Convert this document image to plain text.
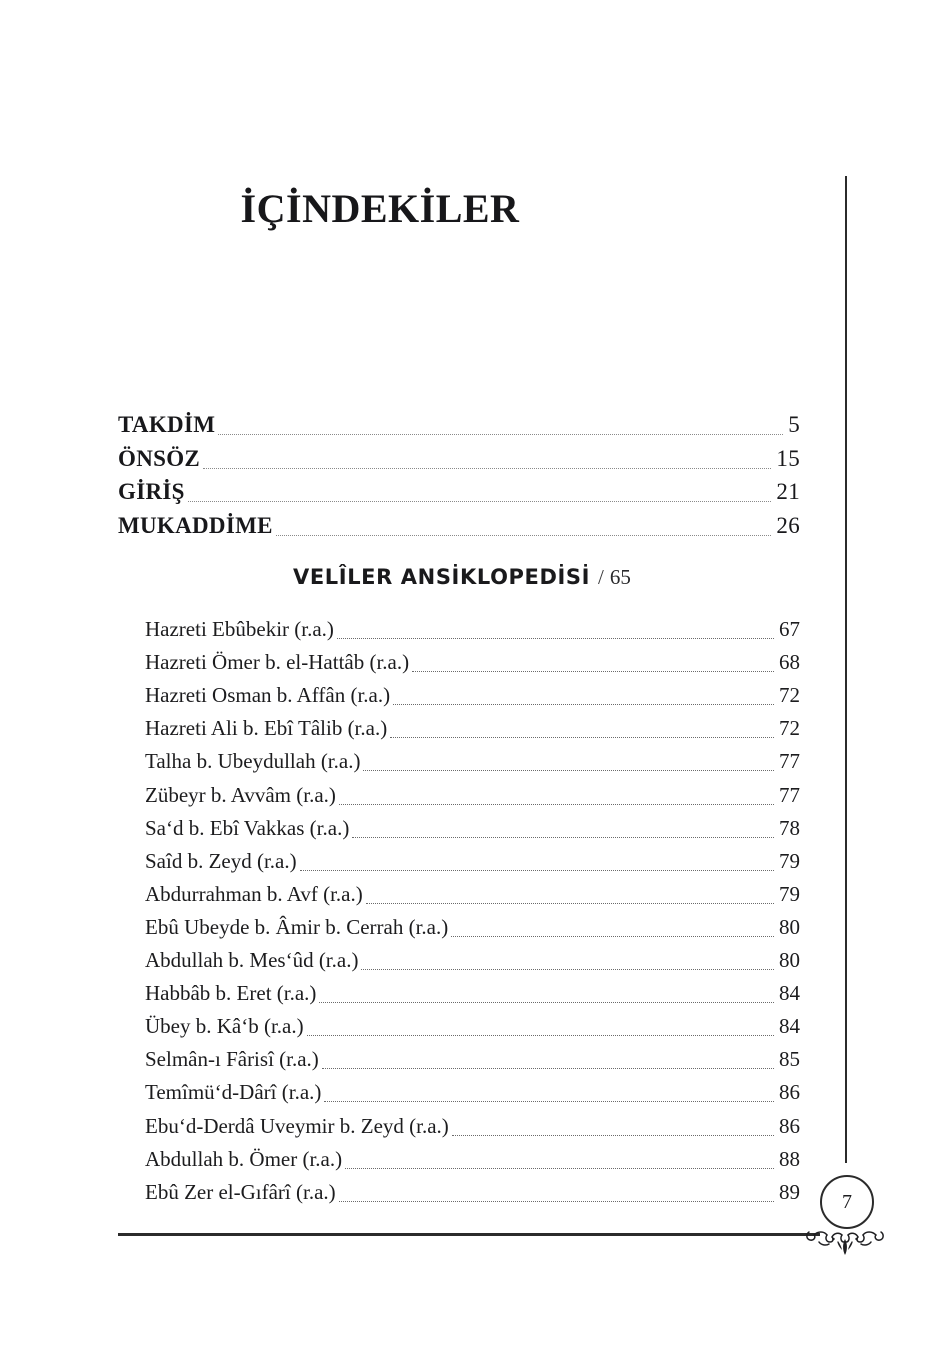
İÇİNDEKİLER
VELÎLER ANSİKLOPEDİSİ / 65
TAKDİM	5
ÖNSÖZ	15
GİRİŞ	21
MUKADDİME	26
Hazreti Ebûbekir (r.a.)	67
Hazreti Ömer b. el-Hattâb (r.a.)	68
Hazreti Osman b. Affân (r.a.)	72
Hazreti Ali b. Ebî Tâlib (r.a.)	72
Talha b. Ubeydullah (r.a.)	77
Zübeyr b. Avvâm (r.a.)	77
Saʻd b. Ebî Vakkas (r.a.)	78
Saîd b. Zeyd (r.a.)	79
Abdurrahman b. Avf (r.a.)	79
Ebû Ubeyde b. Âmir b. Cerrah (r.a.)	80
Abdullah b. Mesʻûd (r.a.)	80
Habbâb b. Eret (r.a.)	84
Übey b. Kâʻb (r.a.)	84
Selmân-ı Fârisî (r.a.)	85
Temîmüʻd-Dârî (r.a.)	86
Ebuʻd-Derdâ Uveymir b. Zeyd (r.a.)	86
Abdullah b. Ömer (r.a.)	88
Ebû Zer el-Gıfârî (r.a.)	89 7
